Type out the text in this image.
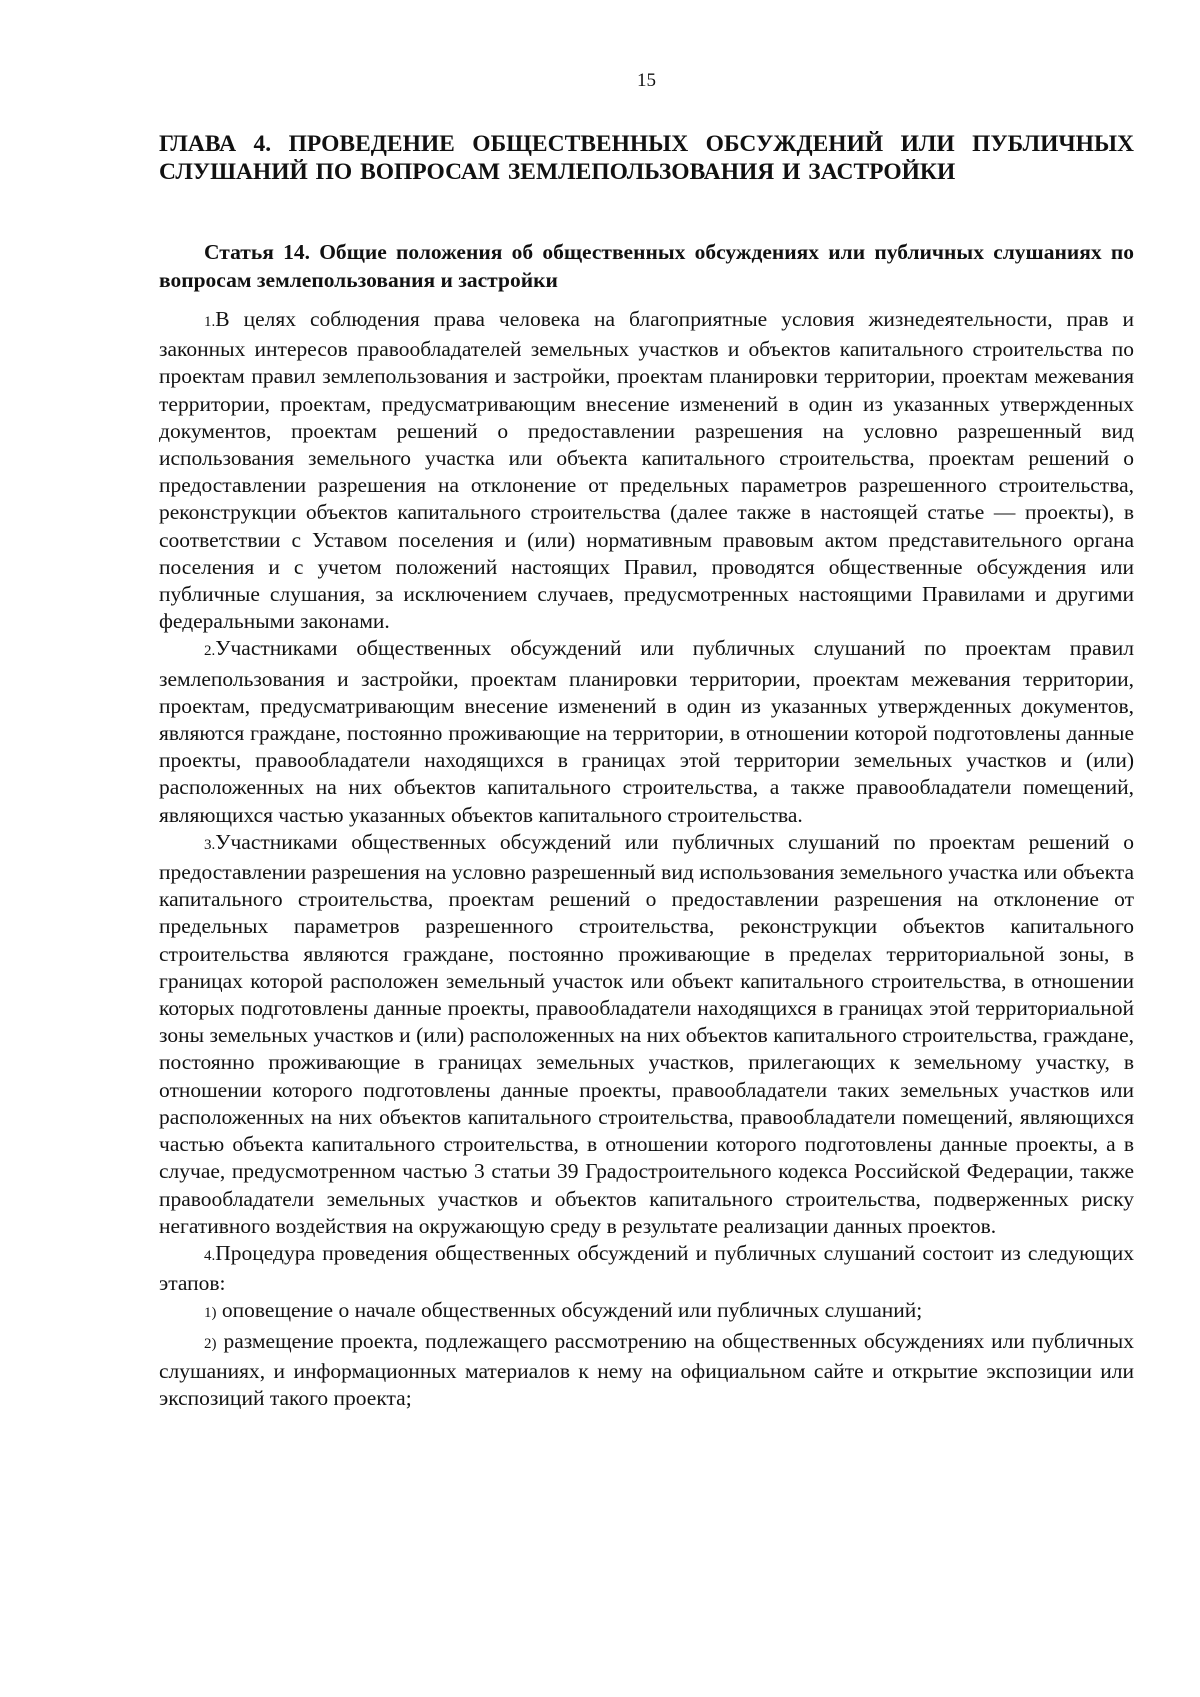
15
ГЛАВА 4. ПРОВЕДЕНИЕ ОБЩЕСТВЕННЫХ ОБСУЖДЕНИЙ ИЛИ ПУБЛИЧНЫХ СЛУШАНИЙ ПО ВОПРОСАМ ЗЕМЛЕПОЛЬЗОВАНИЯ И ЗАСТРОЙКИ
Статья 14. Общие положения об общественных обсуждениях или публичных слушаниях по вопросам землепользования и застройки

1.В целях соблюдения права человека на благоприятные условия жизнедеятельности, прав и законных интересов правообладателей земельных участков и объектов капитального строительства по проектам правил землепользования и застройки, проектам планировки территории, проектам межевания территории, проектам, предусматривающим внесение изменений в один из указанных утвержденных документов, проектам решений о предоставлении разрешения на условно разрешенный вид использования земельного участка или объекта капитального строительства, проектам решений о предоставлении разрешения на отклонение от предельных параметров разрешенного строительства, реконструкции объектов капитального строительства (далее также в настоящей статье — проекты), в соответствии с Уставом поселения и (или) нормативным правовым актом представительного органа поселения и с учетом положений настоящих Правил, проводятся общественные обсуждения или публичные слушания, за исключением случаев, предусмотренных настоящими Правилами и другими федеральными законами.

2.Участниками общественных обсуждений или публичных слушаний по проектам правил землепользования и застройки, проектам планировки территории, проектам межевания территории, проектам, предусматривающим внесение изменений в один из указанных утвержденных документов, являются граждане, постоянно проживающие на территории, в отношении которой подготовлены данные проекты, правообладатели находящихся в границах этой территории земельных участков и (или) расположенных на них объектов капитального строительства, а также правообладатели помещений, являющихся частью указанных объектов капитального строительства.

3.Участниками общественных обсуждений или публичных слушаний по проектам решений о предоставлении разрешения на условно разрешенный вид использования земельного участка или объекта капитального строительства, проектам решений о предоставлении разрешения на отклонение от предельных параметров разрешенного строительства, реконструкции объектов капитального строительства являются граждане, постоянно проживающие в пределах территориальной зоны, в границах которой расположен земельный участок или объект капитального строительства, в отношении которых подготовлены данные проекты, правообладатели находящихся в границах этой территориальной зоны земельных участков и (или) расположенных на них объектов капитального строительства, граждане, постоянно проживающие в границах земельных участков, прилегающих к земельному участку, в отношении которого подготовлены данные проекты, правообладатели таких земельных участков или расположенных на них объектов капитального строительства, правообладатели помещений, являющихся частью объекта капитального строительства, в отношении которого подготовлены данные проекты, а в случае, предусмотренном частью 3 статьи 39 Градостроительного кодекса Российской Федерации, также правообладатели земельных участков и объектов капитального строительства, подверженных риску негативного воздействия на окружающую среду в результате реализации данных проектов.

4.Процедура проведения общественных обсуждений и публичных слушаний состоит из следующих этапов:

1) оповещение о начале общественных обсуждений или публичных слушаний;

2) размещение проекта, подлежащего рассмотрению на общественных обсуждениях или публичных слушаниях, и информационных материалов к нему на официальном сайте и открытие экспозиции или экспозиций такого проекта;
